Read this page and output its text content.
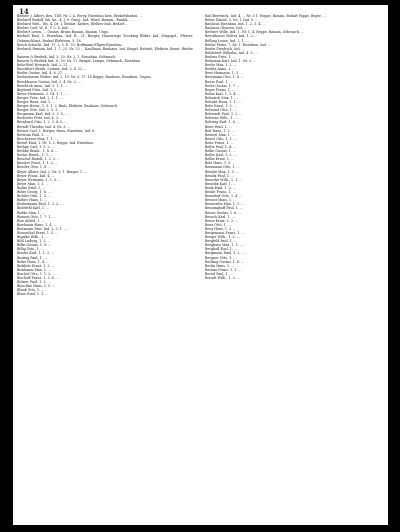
14

Beebee J. Albert, Bes. T.IH. Nr. 2 A. Ferey, Eisenbau hers, Bedarfsbuden, ...

Beebard Rudolf, fsh. ke., 4. J. 8. Gneg., Ind. Weed. Bauam., Bantik, ...

Beebard Weil., Dis. 4. Dr. 1. Bedarf. Kiebes, Elektro-Imb. Bedarf ...

Beeber Carl, W., E. T. 2. S. Ind. ...

Beebert Lesen, ... Gustav. Brans Bauam, Bauam. Ungs.

Beebell Beal, 1. Eisenbau, Ind. R., 21. Berger, Hanswerge Trocking Elektr. Ind. Eingegel., Pfarrer, Gebrauchhart, Bedarf Elektrom, 5. 18.

Berch Schacht, Ind. 17. 2, 5. E. 70. Hoffmann-Ellgen-Eisenbau.

Beebeck Feminn, hel. 1. 7. 23. Nr. 23 ... Kaufhaus, Bauhaus, Ind. Ringel, Betrieb, Elektrin, Braut, Rinder ...

Bauern & Beebek, Ind. 3. 20. Nr. 2, 1. Eisenbau, Gebrauch.

Bauern & Beebek Ind., 6. 20. Nr. 17. Berger, Lampe, Gebrauch, Eisenbau

Behr-Beel Heinrich, Ind. 2. 21. ...

Beeckhert Beesh, Lemme, Ind. 3. 4. 22 ...

Beebe Gustav, Ind. 4. 6. 27. ...

Beebenbaum Wolter, Ind. 2. 19. Nr. 5, 17. 18 Reppe, Bauhaus, Eisenbau, Ungen.

Beeckhause Gustav, Ind. 3. 4. Nr. 2, ...

Beerbeck Anna, Ind. 5. 1. 1. ...

Bephard Fritz, Ind. 3. 2. ...

Beere Hermann, 3. 14. 1. 7. ...

Berger Fritz, Ind. 2. 1. 1. ...

Berger Hans, Ind. 1. ...

Berger Heinr., 1. 5. 1. 2. Rinb, Elektrin, Bauhaus, Gebrauch.

Berger Otto, Ind. 2. 5. 1. ...

Bergmann Karl, Ind. 2. 3. 5. ...

Berlowitz Fritz, Ind. 4. 3. ...

Bernhard Otto, 1. 2. 3. 4. 5. ...

Berndt Theodor, Ind. 4. Nr. 3. ...

Berner Carl, 1. Berger, Haus, Eisenbau, Ind. 6.

Bertram Paul, 1. ...

Beschorner Max, 1. 1. ...

Bestel Emil, 1. Nr. 5, 2. Reppe, Ind. Eisenbau.

Bethge Carl, 1. 5. 2. ...

Bethke Reinh., 1. 8. 6. ...

Bettac Reinh., 1. 1. ...

Beuchel Rudolf, 1. 2. 3. ...

Beuster Ernst, 1. 1. 2. ...

Beutler Otto, 1. 8. ...

Beyer Albert, Ind. 2. Nr. 5, 1. Berger, 1. ...

Beyer Franz, Ind. 4. ...

Beyer Hermann, 1. 1. 5. ...

Beyer Max, 1. 3. ...

Bialas Emil, 1. ...

Biber Georg, 1. 6. ...

Bichler Otto, 1. 3. ...

Bieber Hans, 1. ...

Biedermann Paul, 1. 2. 2. ...

Bielefeld Karl, 1. ...

Bielke Max, 1. ...

Bienert Otto, 1. 7. 1. ...

Bier Alfred, 1. ...

Bierbaum Hans, 1. 4. ...

Biermann Paul, Ind. 2. 3. 1. ...

Biesenthal Ernst, 1. 5. ...

Bigalke Wilh., 1. ...

Bihl Ludwig, 1. 2. ...

Bilke Gustav, 1. 9. ...

Billig Otto, 1. ...

Binder Karl, 1. 1. 3. ...

Binting Paul, 1. ...

Birke Hans, 1. 4. ...

Birkholz Ernst, 1. 2. ...

Birnbaum Max, 1. ...

Bischof Otto, 1. 1. 2. ...

Bischoff Franz, 1. 3. 6. ...

Bittner Paul, 1. 3. ...

Blaschke Hans, 1. 5. ...

Blank Otto, 1. ...

Blase Emil, 1. 1. ...

Ball Beerbeck, Ind. 4. ... Nr. 5 1. Reppe, Bauam, Bedarf Pappe, Beger, ...

Behrs Daniel, 2. Nr. 1. Ind. 5. ...

Bauhaus Eisenbau, Ind. 1. 2. 3. 4. ...

Bauhaus Glonzen, Ind. ...

Beebert Wille, Ind. 1. Nr. 1. 4. Reppe, Bauam, Gebrauch, ...

Beeckhause Wolter, Ind. 1. 2. ...

Belling Lesen, Ind. 2. 1. ...

Bebbe Ferns, 7. Nr. 1. Eisenbau, Ind. ...

Beebe Friedrich, Ind. ...

Bebbetert Wilhelm, Ind. 4. 5. ...

Bedeus Fritz, 1. ...

Bedmann Karl, Ind. 1. Nr. 3. ...

Beehr Max, 1. 2. ...

Beelitz Anna, 1. ...

Beer Hermann, 1. 3. ...

Beermann Otto, 1. 5. ...

Beese Paul, 1. ...

Beetz Gustav, 1. 7. ...

Beger Franz, 1. ...

Behm Karl, 1. 2. 4. ...

Behnisch Max, 1. ...

Behnke Hans, 1. 1. ...

Behr Ernst, 1. 3. ...

Behrend Otto, 1. ...

Behrendt Paul, 1. 2. ...

Behrens Wilh., 1. ...

Behring Karl, 1. 6. ...

Beier Emil, 1. ...

Beil Hans, 1. 2. ...

Beinert Max, 1. ...

Beisel Otto, 1. 1. ...

Beitz Franz, 1. ...

Belitz Paul, 1. 4. ...

Belke Gustav, 1. ...

Beller Karl, 1. 2. ...

Bellin Ernst, 1. ...

Belz Hans, 1. 5. ...

Bemmann Otto, 1. ...

Bender Max, 1. 3. ...

Bendix Paul, 1. ...

Benecke Wilh., 1. 1. ...

Benedix Karl, 1. ...

Benk Emil, 1. 2. ...

Benke Franz, 1. ...

Benndorf Otto, 1. 4. ...

Benner Hans, 1. ...

Bennewitz Max, 1. 1. ...

Benninghoff Paul, 1. ...

Benno Gustav, 1. 6. ...

Bensch Karl, 1. ...

Bentz Ernst, 1. 2. ...

Benz Otto, 1. ...

Berg Hans, 1. 3. ...

Bergemann Franz, 1. ...

Berger Wilh., 1. 5. ...

Bergfeld Paul, 1. ...

Berghaus Max, 1. 1. ...

Berghoff Karl, 1. ...

Bergmann Emil, 1. 2. ...

Bergner Otto, 1. ...

Berking Gustav, 1. 4. ...

Berlin Hans, 1. ...

Bernau Franz, 1. 1. ...

Bernd Paul, 1. ...

Berndt Wilh., 1. 3. ...
